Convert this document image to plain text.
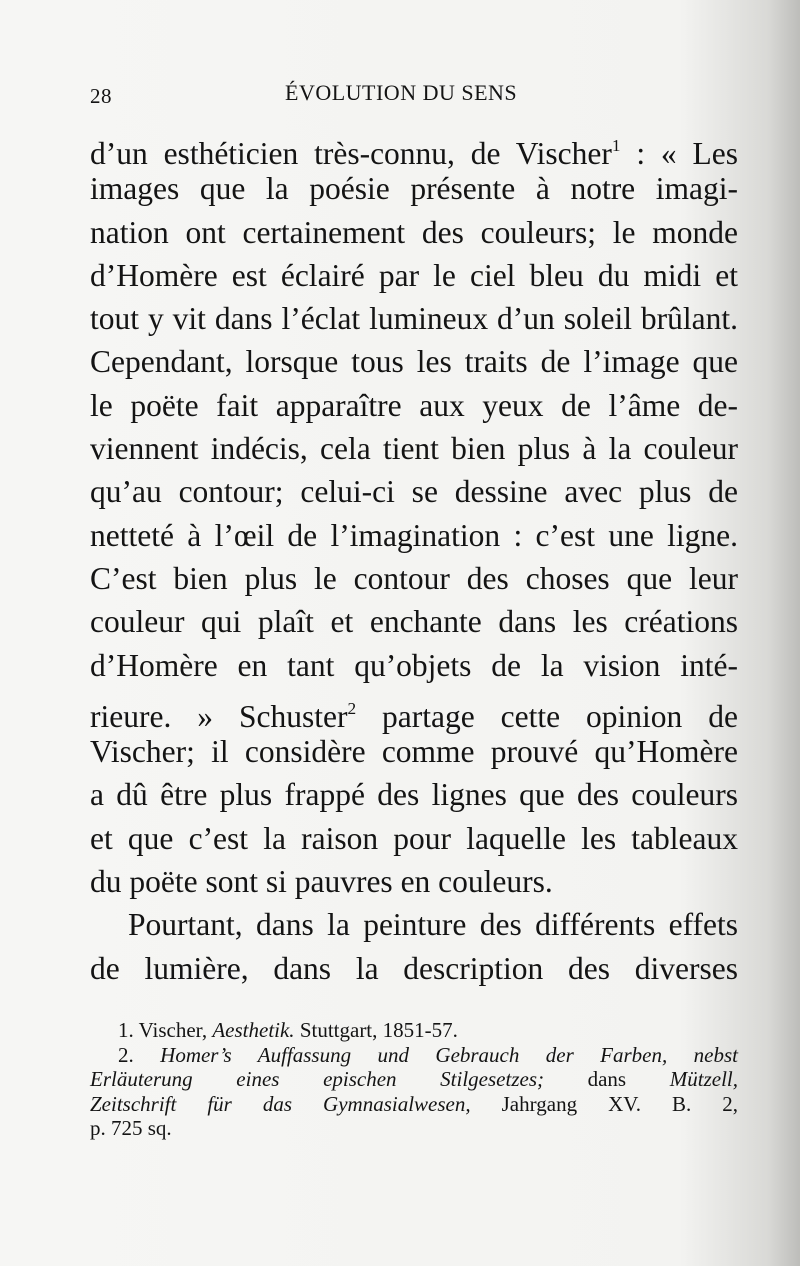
28	ÉVOLUTION DU SENS
d’un esthéticien très-connu, de Vischer$^1$ : « Les
images que la poésie présente à notre imagi-
nation ont certainement des couleurs; le monde
d’Homère est éclairé par le ciel bleu du midi et
tout y vit dans l’éclat lumineux d’un soleil brûlant.
Cependant, lorsque tous les traits de l’image que
le poëte fait apparaître aux yeux de l’âme de-
viennent indécis, cela tient bien plus à la couleur
qu’au contour; celui-ci se dessine avec plus de
netteté à l’œil de l’imagination : c’est une ligne.
C’est bien plus le contour des choses que leur
couleur qui plaît et enchante dans les créations
d’Homère en tant qu’objets de la vision inté-
rieure. » Schuster$^2$ partage cette opinion de
Vischer; il considère comme prouvé qu’Homère
a dû être plus frappé des lignes que des couleurs
et que c’est la raison pour laquelle les tableaux
du poëte sont si pauvres en couleurs.
Pourtant, dans la peinture des différents effets
de lumière, dans la description des diverses
1. Vischer, Aesthetik. Stuttgart, 1851-57.
2. Homer’s Auffassung und Gebrauch der Farben, nebst
Erläuterung eines epischen Stilgesetzes; dans Mützell,
Zeitschrift für das Gymnasialwesen, Jahrgang XV. B. 2,
p. 725 sq.
